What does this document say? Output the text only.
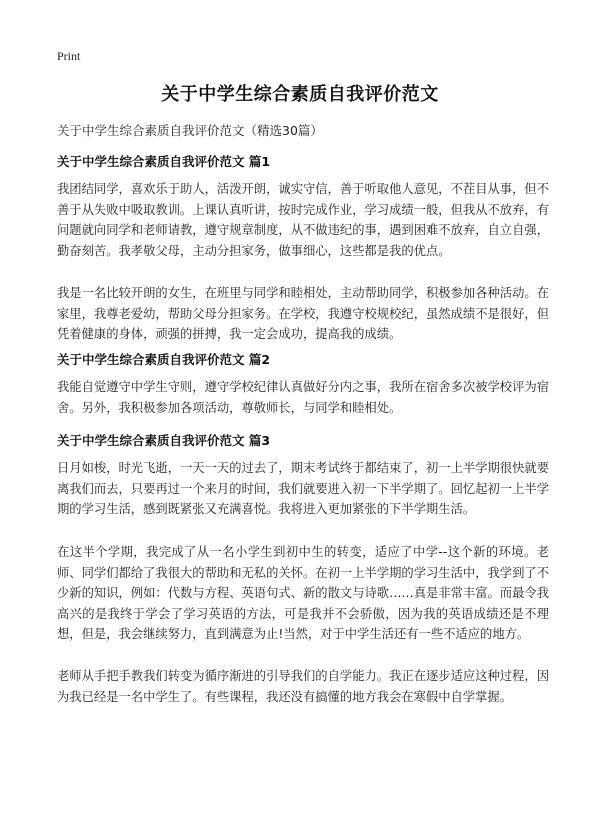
Print
关于中学生综合素质自我评价范文
关于中学生综合素质自我评价范文（精选30篇）
关于中学生综合素质自我评价范文 篇1
我团结同学，喜欢乐于助人，活泼开朗，诚实守信，善于听取他人意见，不茬目从事，但不善于从失败中吸取教训。上课认真听讲，按时完成作业，学习成绩一般，但我从不放弃，有问题就向同学和老师请教，遵守规章制度，从不做违纪的事，遇到困难不放弃，自立自强，勤奋刻苦。我孝敬父母，主动分担家务，做事细心，这些都是我的优点。
我是一名比较开朗的女生，在班里与同学和睦相处，主动帮助同学，积极参加各种活动。在家里，我尊老爱幼，帮助父母分担家务。在学校，我遵守校规校纪，虽然成绩不是很好，但凭着健康的身体，顽强的拼搏，我一定会成功，提高我的成绩。
关于中学生综合素质自我评价范文 篇2
我能自觉遵守中学生守则，遵守学校纪律认真做好分内之事，我所在宿舍多次被学校评为宿舍。另外，我积极参加各项活动，尊敬师长，与同学和睦相处。
关于中学生综合素质自我评价范文 篇3
日月如梭，时光飞逝，一天一天的过去了，期末考试终于都结束了，初一上半学期很快就要离我们而去，只要再过一个来月的时间，我们就要进入初一下半学期了。回忆起初一上半学期的学习生活，感到既紧张又充满喜悦。我将进入更加紧张的下半学期生活。
在这半个学期，我完成了从一名小学生到初中生的转变，适应了中学--这个新的环境。老师、同学们都给了我很大的帮助和无私的关怀。在初一上半学期的学习生活中，我学到了不少新的知识，例如：代数与方程、英语句式、新的散文与诗歌……真是非常丰富。而最令我高兴的是我终于学会了学习英语的方法，可是我并不会骄傲，因为我的英语成绩还是不理想，但是，我会继续努力，直到满意为止!当然，对于中学生活还有一些不适应的地方。
老师从手把手教我们转变为循序渐进的引导我们的自学能力。我正在逐步适应这种过程，因为我已经是一名中学生了。有些课程，我还没有搞懂的地方我会在寒假中自学掌握。
